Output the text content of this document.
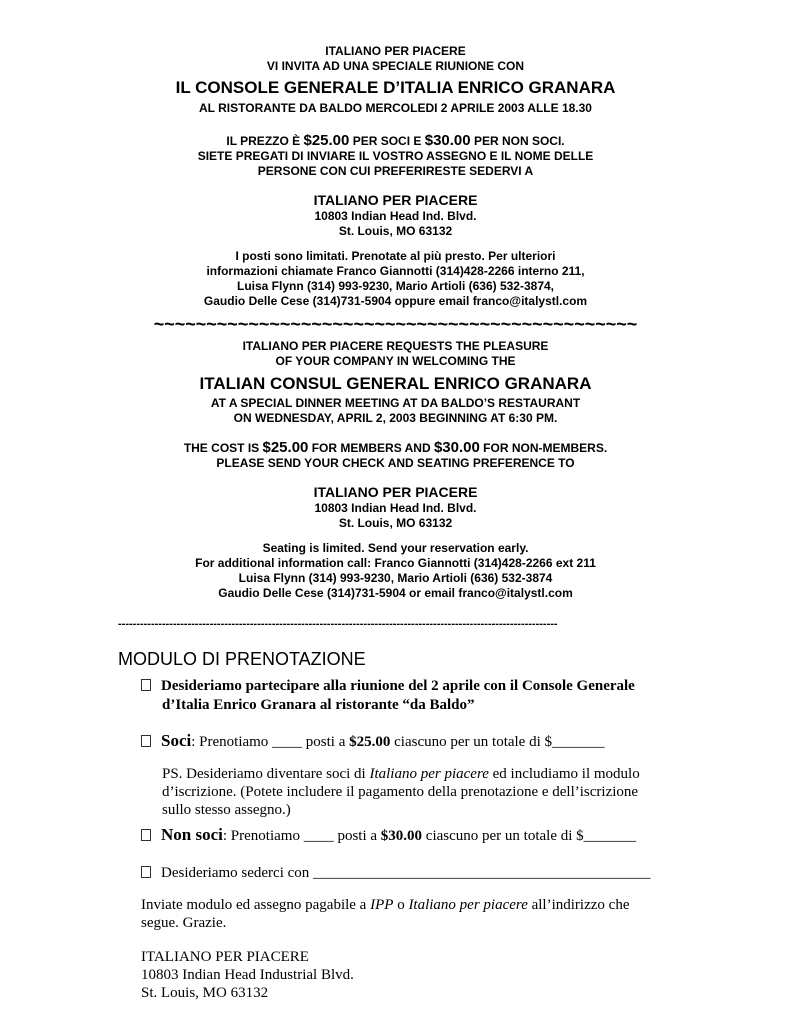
ITALIANO PER PIACERE
VI INVITA AD UNA SPECIALE RIUNIONE CON
IL CONSOLE GENERALE D’ITALIA ENRICO GRANARA
AL RISTORANTE DA BALDO MERCOLEDI 2 APRILE 2003 ALLE 18.30
IL PREZZO È $25.00 PER SOCI E $30.00 PER NON SOCI.
SIETE PREGATI DI INVIARE IL VOSTRO ASSEGNO E IL NOME DELLE
PERSONE CON CUI PREFERIRESTE SEDERVI A
ITALIANO PER PIACERE
10803 Indian Head Ind. Blvd.
St. Louis, MO 63132
I posti sono limitati. Prenotate al più presto. Per ulteriori
informazioni chiamate Franco Giannotti (314)428-2266 interno 211,
Luisa Flynn (314) 993-9230, Mario Artioli (636) 532-3874,
Gaudio Delle Cese (314)731-5904 oppure email franco@italystl.com
~~~~~~~~~~~~~~~~~~~~~~~~~~~~~~~~~~~~~~~~~~~~~~
ITALIANO PER PIACERE REQUESTS THE PLEASURE
OF YOUR COMPANY IN WELCOMING THE
ITALIAN CONSUL GENERAL ENRICO GRANARA
AT A SPECIAL DINNER MEETING AT DA BALDO’S RESTAURANT
ON WEDNESDAY, APRIL 2, 2003 BEGINNING AT 6:30 PM.
THE COST IS $25.00 FOR MEMBERS AND $30.00 FOR NON-MEMBERS.
PLEASE SEND YOUR CHECK AND SEATING PREFERENCE TO
ITALIANO PER PIACERE
10803 Indian Head Ind. Blvd.
St. Louis, MO 63132
Seating is limited. Send your reservation early.
For additional information call: Franco Giannotti (314)428-2266 ext 211
Luisa Flynn (314) 993-9230, Mario Artioli (636) 532-3874
Gaudio Delle Cese (314)731-5904 or email franco@italystl.com
------------------------------------------------------------------------------------------------------------------------
MODULO DI PRENOTAZIONE
Desideriamo partecipare alla riunione del 2 aprile con il Console Generale
d’Italia Enrico Granara al ristorante “da Baldo”
Soci: Prenotiamo ____ posti a $25.00 ciascuno per un totale di $_______
PS. Desideriamo diventare soci di Italiano per piacere ed includiamo il modulo
d’iscrizione. (Potete includere il pagamento della prenotazione e dell’iscrizione
sullo stesso assegno.)
Non soci: Prenotiamo ____ posti a $30.00 ciascuno per un totale di $_______
Desideriamo sederci con _____________________________________________
Inviate modulo ed assegno pagabile a IPP o Italiano per piacere all’indirizzo che
segue. Grazie.
ITALIANO PER PIACERE
10803 Indian Head Industrial Blvd.
St. Louis, MO 63132
